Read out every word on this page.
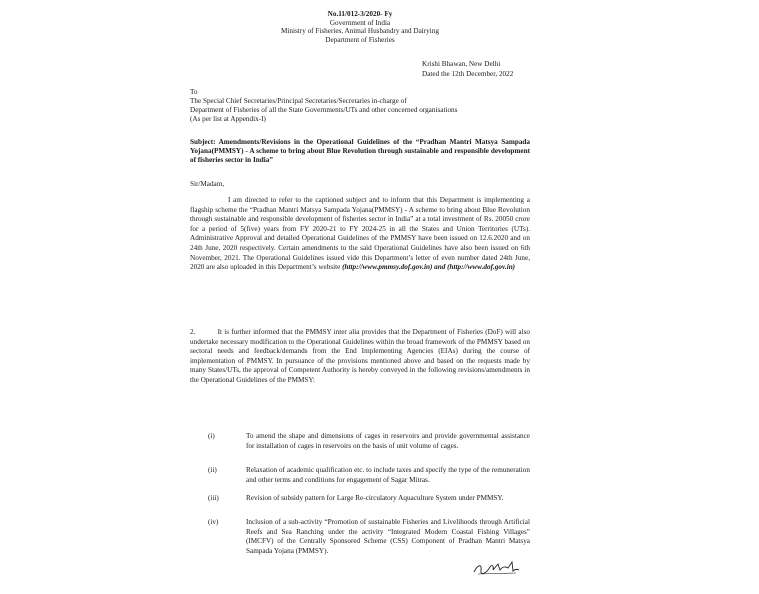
No.11/012-3/2020- Fy
Government of India
Ministry of Fisheries, Animal Husbandry and Dairying
Department of Fisheries
Krishi Bhawan, New Delhi
Dated the 12th December, 2022
To
The Special Chief Secretaries/Principal Secretaries/Secretaries in-charge of
Department of Fisheries of all the State Governments/UTs and other concerned organisations
(As per list at Appendix-I)
Subject: Amendments/Revisions in the Operational Guidelines of the “Pradhan Mantri Matsya Sampada Yojana(PMMSY) - A scheme to bring about Blue Revolution through sustainable and responsible development of fisheries sector in India”
Sir/Madam,
I am directed to refer to the captioned subject and to inform that this Department is implementing a flagship scheme the “Pradhan Mantri Matsya Sampada Yojana(PMMSY) - A scheme to bring about Blue Revolution through sustainable and responsible development of fisheries sector in India” at a total investment of Rs. 20050 crore for a period of 5(five) years from FY 2020-21 to FY 2024-25 in all the States and Union Territories (UTs). Administrative Approval and detailed Operational Guidelines of the PMMSY have been issued on 12.6.2020 and on 24th June, 2020 respectively. Certain amendments to the said Operational Guidelines have also been issued on 6th November, 2021. The Operational Guidelines issued vide this Department’s letter of even number dated 24th June, 2020 are also uploaded in this Department’s website (http://www.pmmsy.dof.gov.in) and (http://www.dof.gov.in)
2.	It is further informed that the PMMSY inter alia provides that the Department of Fisheries (DoF) will also undertake necessary modification to the Operational Guidelines within the broad framework of the PMMSY based on sectoral needs and feedback/demands from the End Implementing Agencies (EIAs) during the course of implementation of PMMSY. In pursuance of the provisions mentioned above and based on the requests made by many States/UTs, the approval of Competent Authority is hereby conveyed in the following revisions/amendments in the Operational Guidelines of the PMMSY:
(i)	To amend the shape and dimensions of cages in reservoirs and provide governmental assistance for installation of cages in reservoirs on the basis of unit volume of cages.
(ii)	Relaxation of academic qualification etc. to include taxes and specify the type of the remuneration and other terms and conditions for engagement of Sagar Mitras.
(iii)	Revision of subsidy pattern for Large Re-circulatory Aquaculture System under PMMSY.
(iv)	Inclusion of a sub-activity “Promotion of sustainable Fisheries and Livelihoods through Artificial Reefs and Sea Ranching under the activity “Integrated Modern Coastal Fishing Villages” (IMCFV) of the Centrally Sponsored Scheme (CSS) Component of Pradhan Mantri Matsya Sampada Yojana (PMMSY).
